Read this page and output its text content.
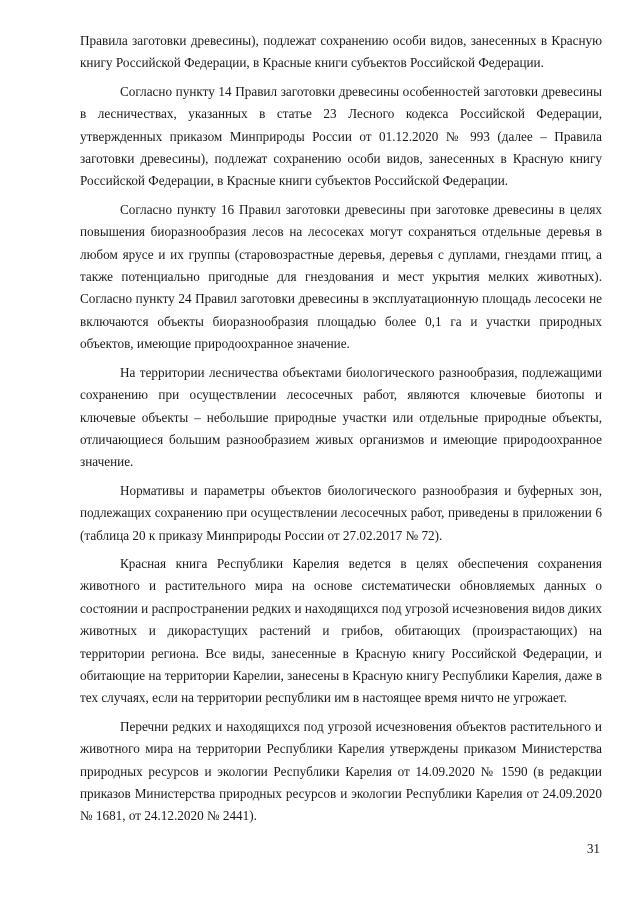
Правила заготовки древесины), подлежат сохранению особи видов, занесенных в Красную книгу Российской Федерации, в Красные книги субъектов Российской Федерации.

Согласно пункту 14 Правил заготовки древесины особенностей заготовки древесины в лесничествах, указанных в статье 23 Лесного кодекса Российской Федерации, утвержденных приказом Минприроды России от 01.12.2020 № 993 (далее – Правила заготовки древесины), подлежат сохранению особи видов, занесенных в Красную книгу Российской Федерации, в Красные книги субъектов Российской Федерации.

Согласно пункту 16 Правил заготовки древесины при заготовке древесины в целях повышения биоразнообразия лесов на лесосеках могут сохраняться отдельные деревья в любом ярусе и их группы (старовозрастные деревья, деревья с дуплами, гнездами птиц, а также потенциально пригодные для гнездования и мест укрытия мелких животных). Согласно пункту 24 Правил заготовки древесины в эксплуатационную площадь лесосеки не включаются объекты биоразнообразия площадью более 0,1 га и участки природных объектов, имеющие природоохранное значение.

На территории лесничества объектами биологического разнообразия, подлежащими сохранению при осуществлении лесосечных работ, являются ключевые биотопы и ключевые объекты – небольшие природные участки или отдельные природные объекты, отличающиеся большим разнообразием живых организмов и имеющие природоохранное значение.

Нормативы и параметры объектов биологического разнообразия и буферных зон, подлежащих сохранению при осуществлении лесосечных работ, приведены в приложении 6 (таблица 20 к приказу Минприроды России от 27.02.2017 № 72).

Красная книга Республики Карелия ведется в целях обеспечения сохранения животного и растительного мира на основе систематически обновляемых данных о состоянии и распространении редких и находящихся под угрозой исчезновения видов диких животных и дикорастущих растений и грибов, обитающих (произрастающих) на территории региона. Все виды, занесенные в Красную книгу Российской Федерации, и обитающие на территории Карелии, занесены в Красную книгу Республики Карелия, даже в тех случаях, если на территории республики им в настоящее время ничто не угрожает.

Перечни редких и находящихся под угрозой исчезновения объектов растительного и животного мира на территории Республики Карелия утверждены приказом Министерства природных ресурсов и экологии Республики Карелия от 14.09.2020 № 1590 (в редакции приказов Министерства природных ресурсов и экологии Республики Карелия от 24.09.2020 № 1681, от 24.12.2020 № 2441).

31
